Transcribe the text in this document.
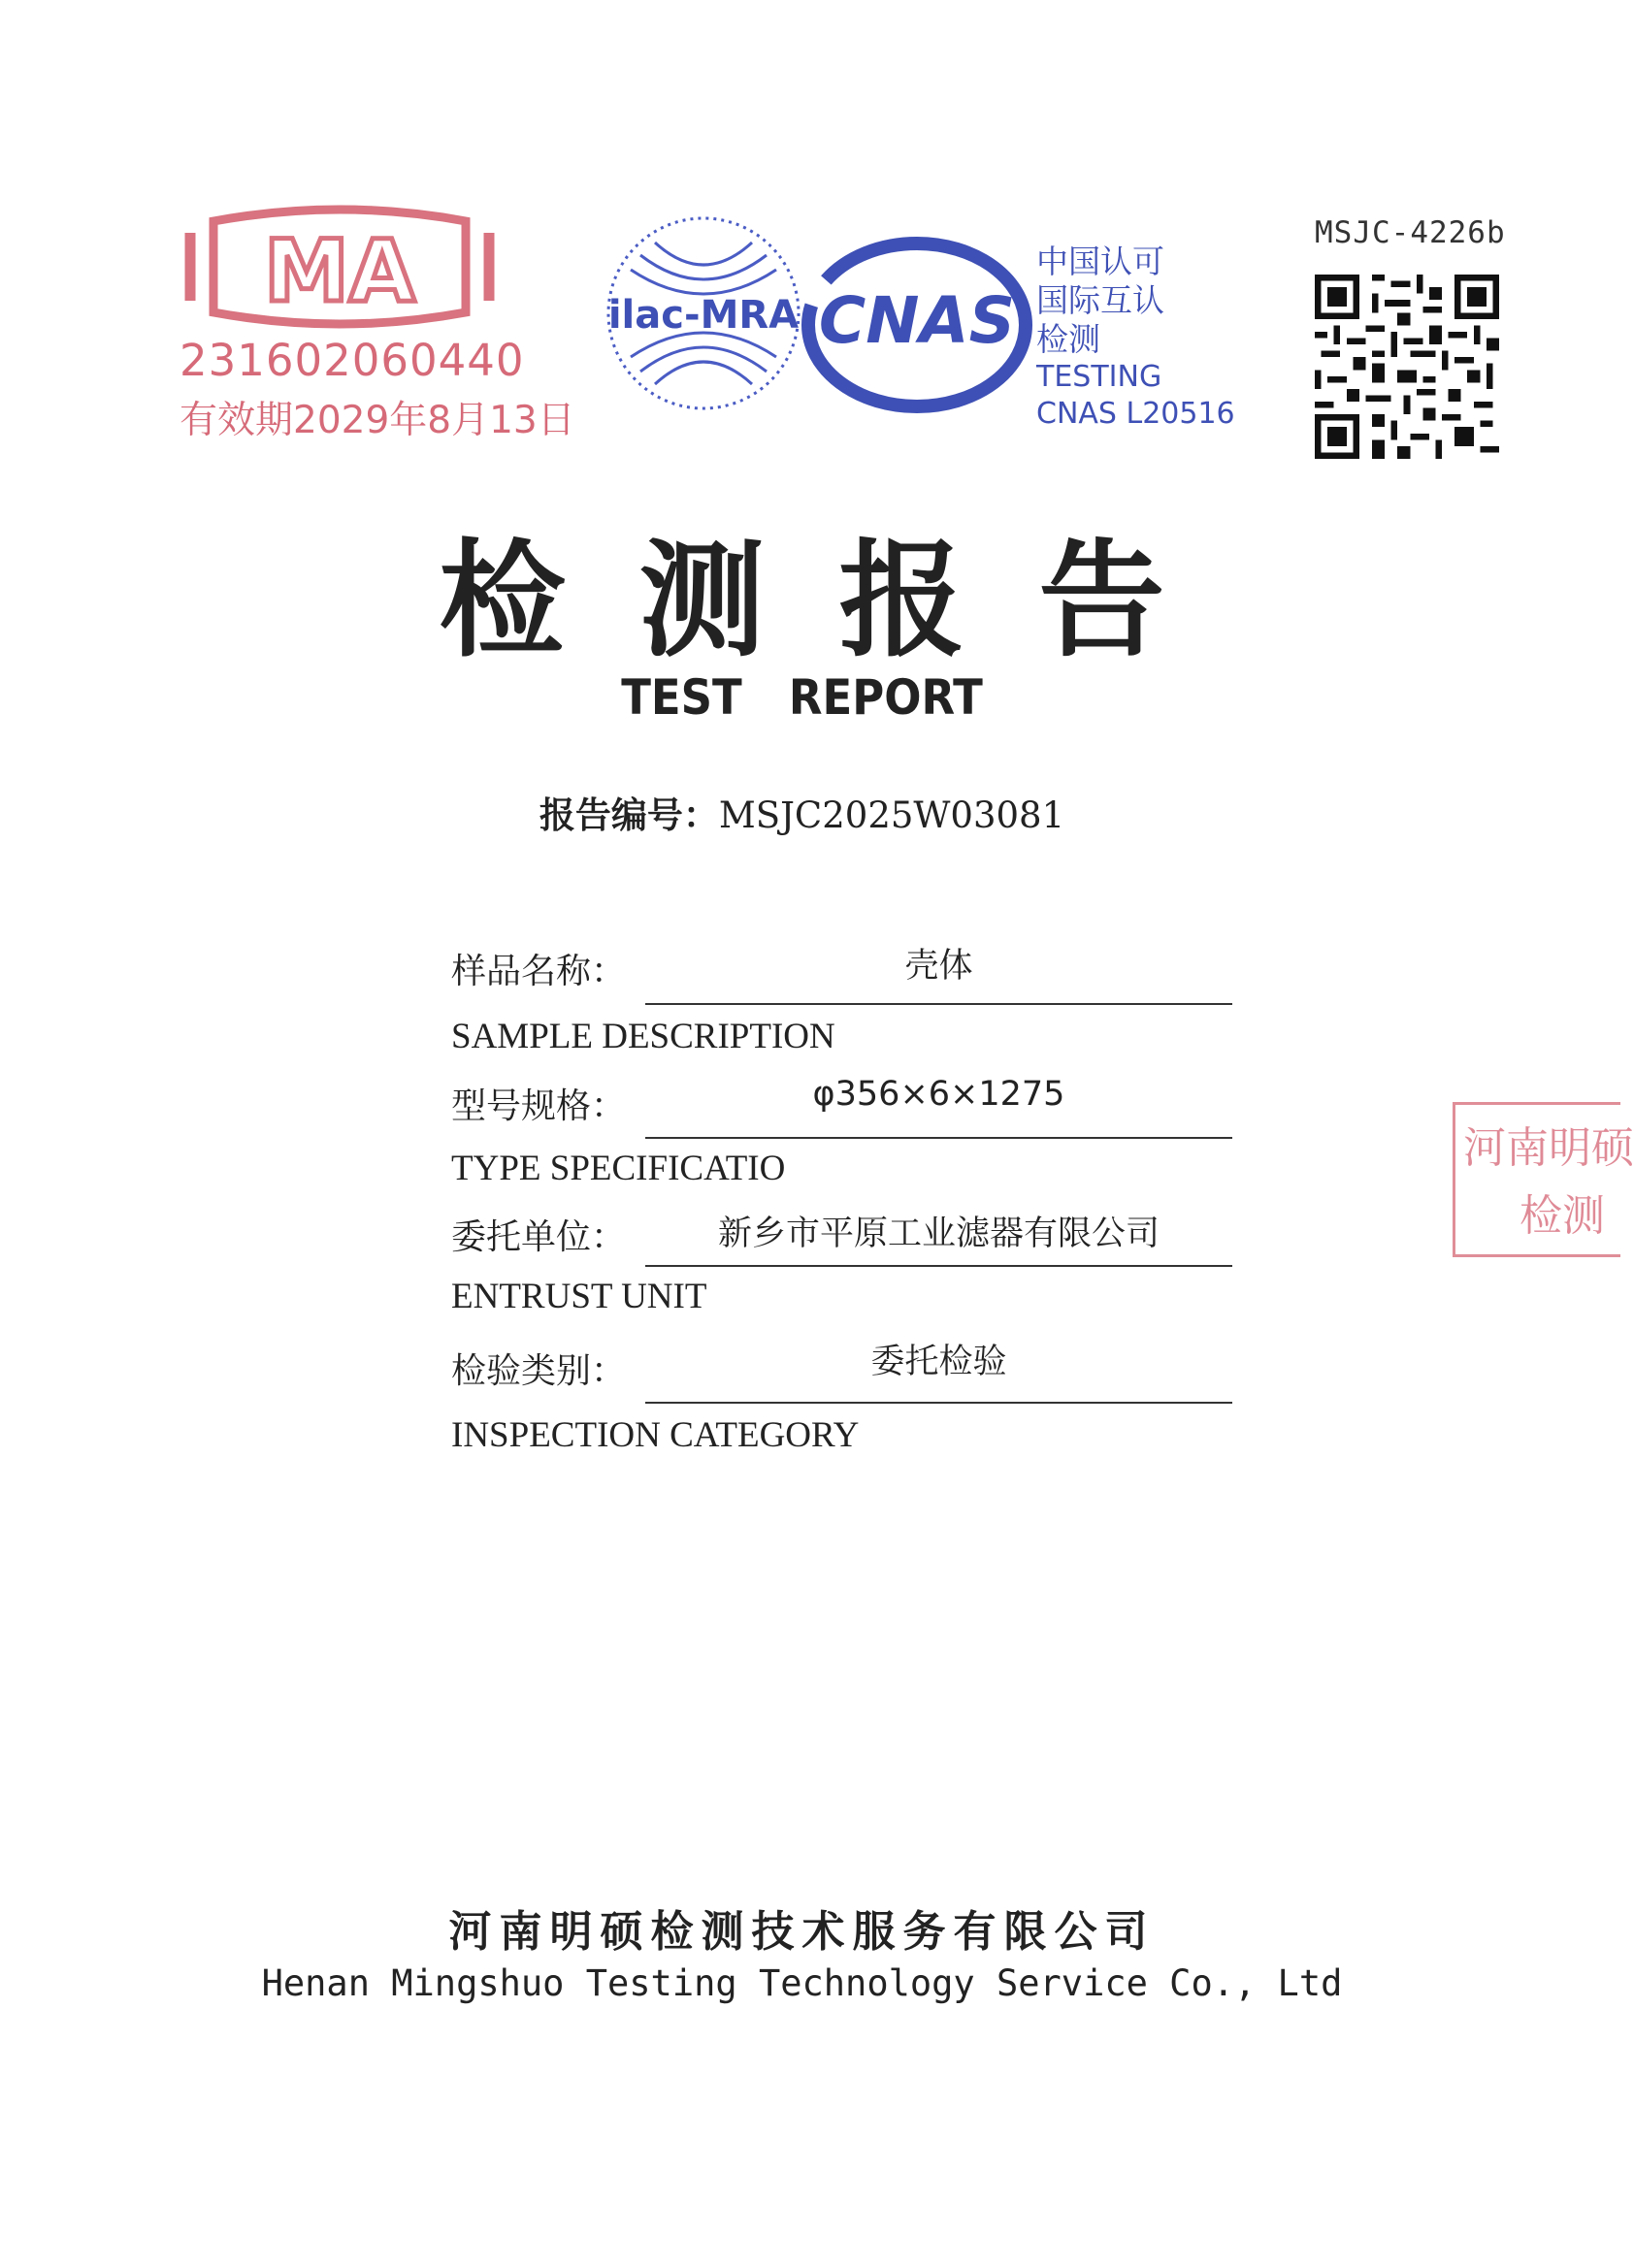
MSJC-4226b
MA
231602060440
有效期2029年8月13日
ilac-MRA CNAS
中国认可
国际互认
检测
TESTING
CNAS L20516
检测报告
TEST REPORT
报告编号：MSJC2025W03081
样品名称：	壳体
SAMPLE DESCRIPTION
型号规格：	φ356×6×1275
TYPE SPECIFICATIO
委托单位：	新乡市平原工业滤器有限公司
ENTRUST UNIT
检验类别：	委托检验
INSPECTION CATEGORY
河南明硕
检测
河南明硕检测技术服务有限公司
Henan Mingshuo Testing Technology Service Co., Ltd
